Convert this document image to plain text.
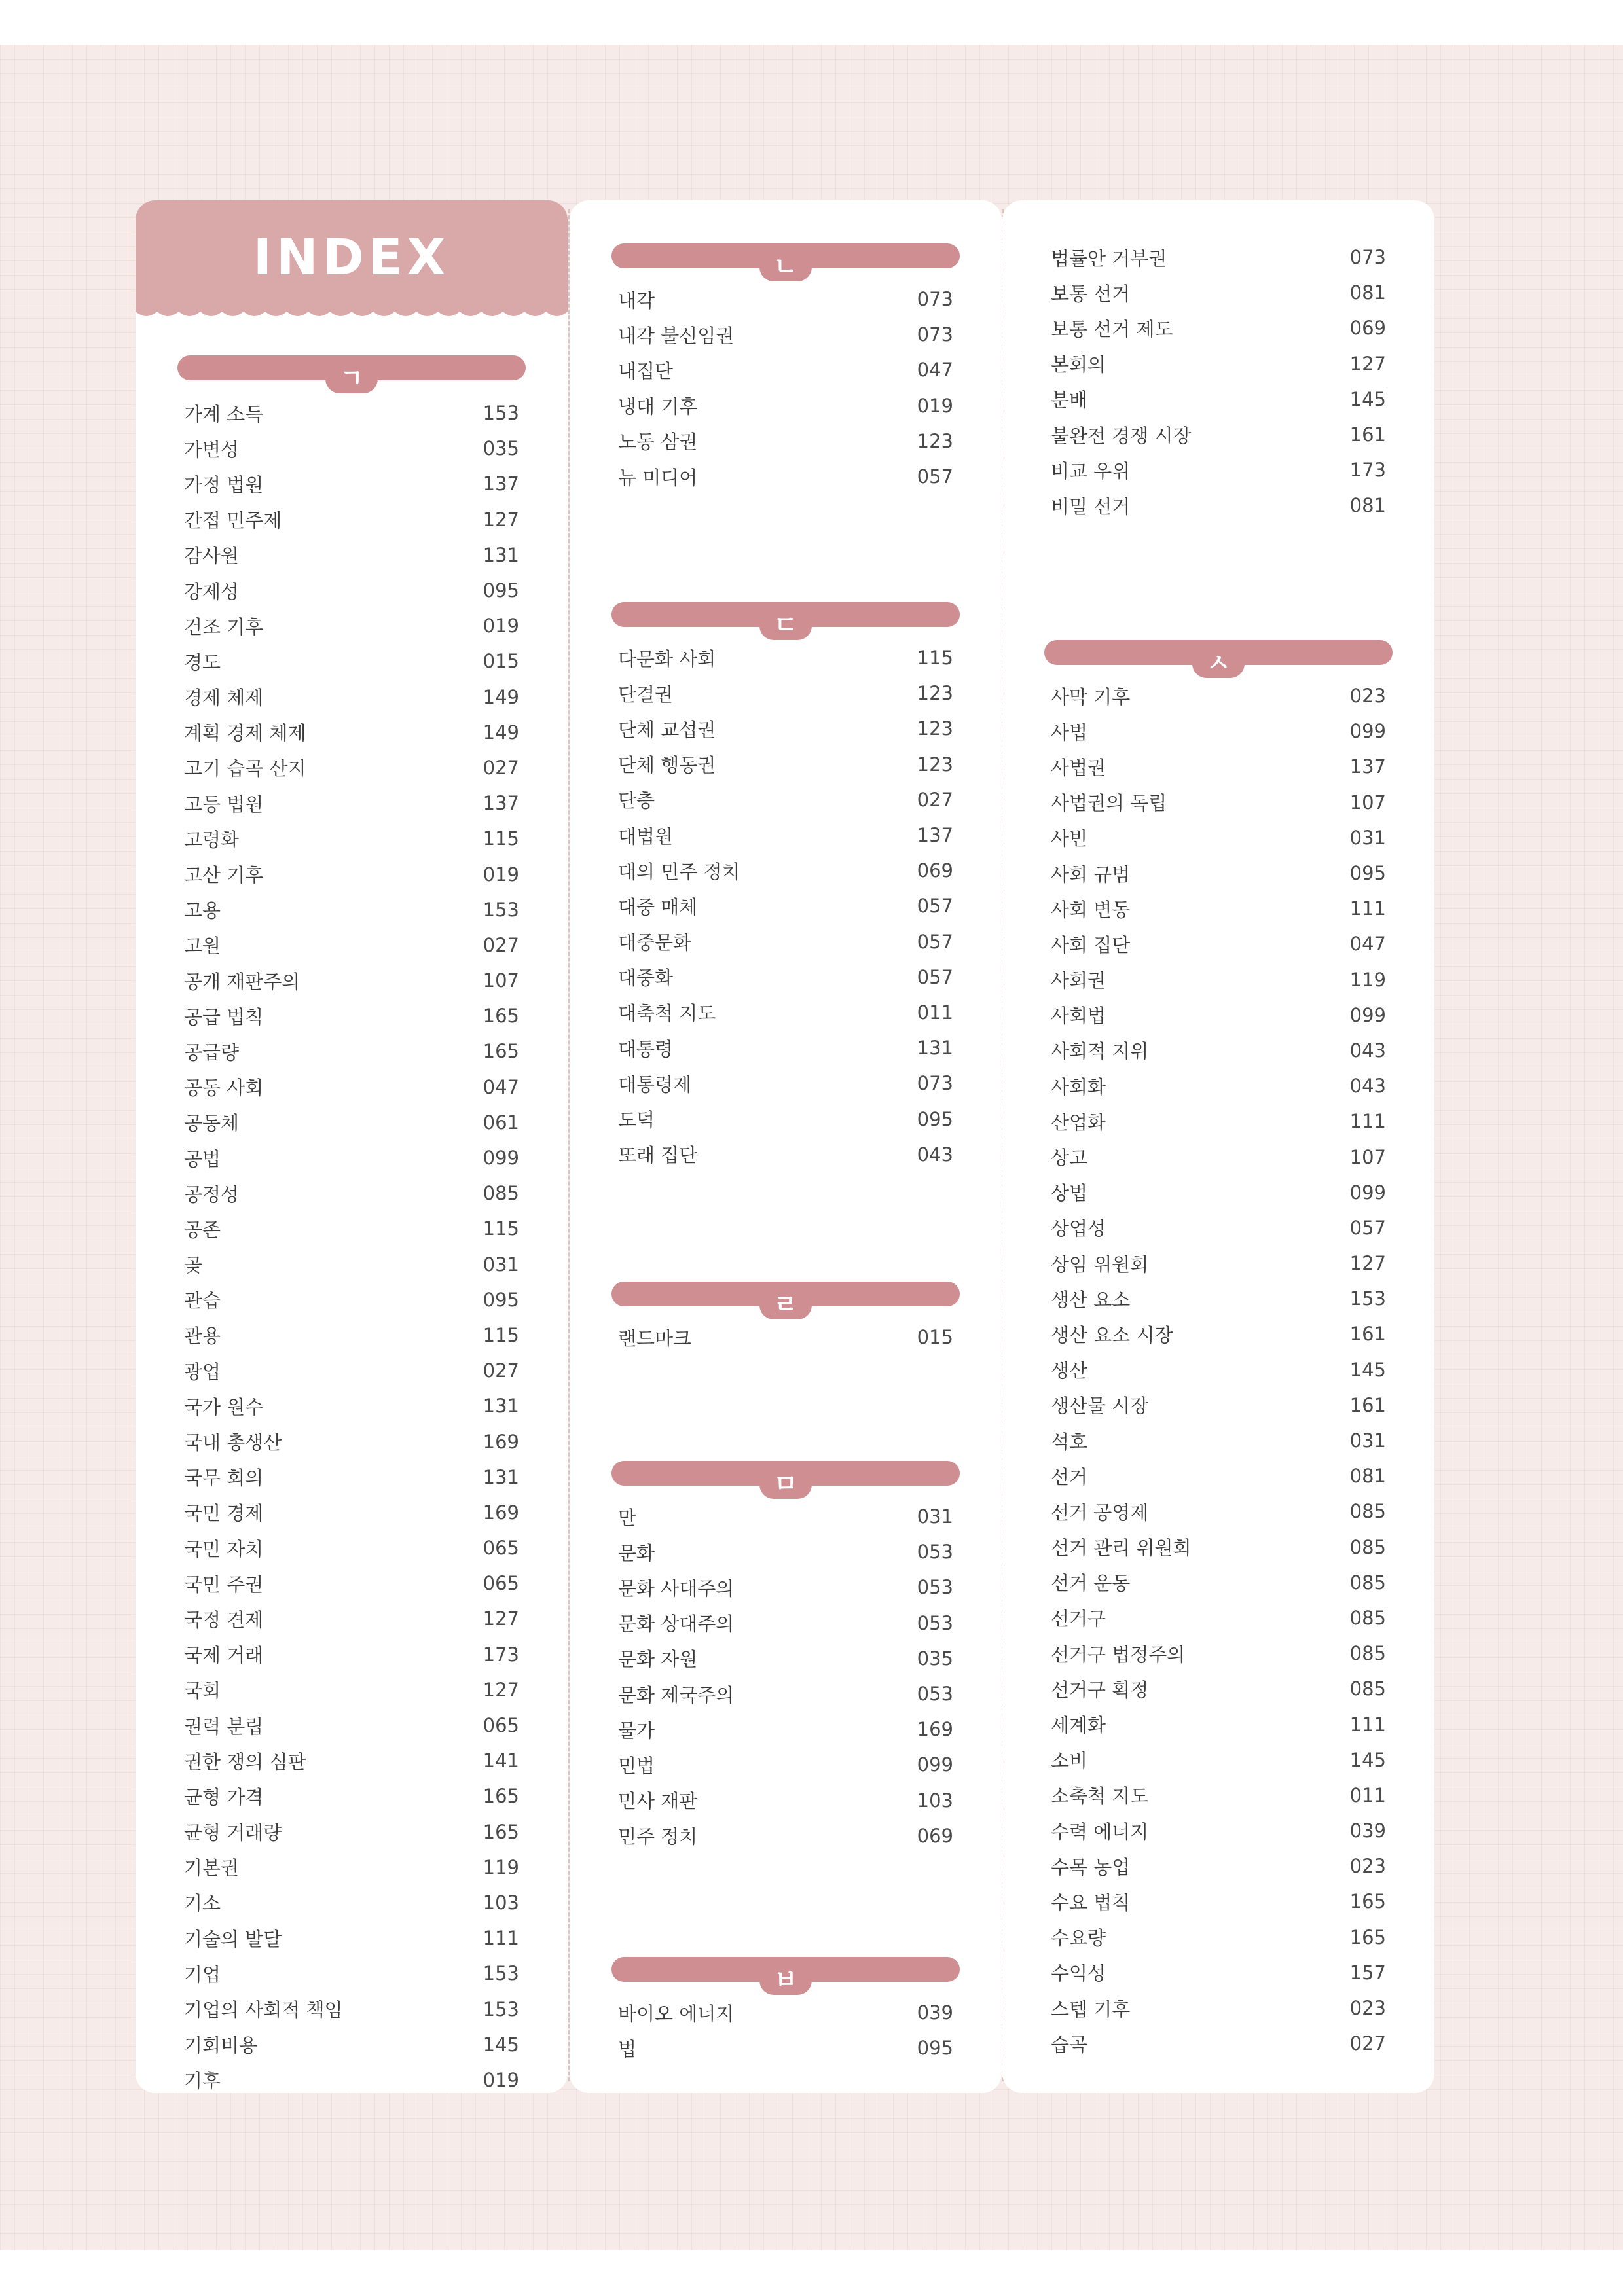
INDEX
ㄱ
가계 소득	153
가변성	035
가정 법원	137
간접 민주제	127
감사원	131
강제성	095
건조 기후	019
경도	015
경제 체제	149
계획 경제 체제	149
고기 습곡 산지	027
고등 법원	137
고령화	115
고산 기후	019
고용	153
고원	027
공개 재판주의	107
공급 법칙	165
공급량	165
공동 사회	047
공동체	061
공법	099
공정성	085
공존	115
곶	031
관습	095
관용	115
광업	027
국가 원수	131
국내 총생산	169
국무 회의	131
국민 경제	169
국민 자치	065
국민 주권	065
국정 견제	127
국제 거래	173
국회	127
권력 분립	065
권한 쟁의 심판	141
균형 가격	165
균형 거래량	165
기본권	119
기소	103
기술의 발달	111
기업	153
기업의 사회적 책임	153
기회비용	145
기후	019
ㄴ
내각	073
내각 불신임권	073
내집단	047
냉대 기후	019
노동 삼권	123
뉴 미디어	057
ㄷ
다문화 사회	115
단결권	123
단체 교섭권	123
단체 행동권	123
단층	027
대법원	137
대의 민주 정치	069
대중 매체	057
대중문화	057
대중화	057
대축척 지도	011
대통령	131
대통령제	073
도덕	095
또래 집단	043
ㄹ
랜드마크	015
ㅁ
만	031
문화	053
문화 사대주의	053
문화 상대주의	053
문화 자원	035
문화 제국주의	053
물가	169
민법	099
민사 재판	103
민주 정치	069
ㅂ
바이오 에너지	039
법	095
법률안 거부권	073
보통 선거	081
보통 선거 제도	069
본회의	127
분배	145
불완전 경쟁 시장	161
비교 우위	173
비밀 선거	081
ㅅ
사막 기후	023
사법	099
사법권	137
사법권의 독립	107
사빈	031
사회 규범	095
사회 변동	111
사회 집단	047
사회권	119
사회법	099
사회적 지위	043
사회화	043
산업화	111
상고	107
상법	099
상업성	057
상임 위원회	127
생산 요소	153
생산 요소 시장	161
생산	145
생산물 시장	161
석호	031
선거	081
선거 공영제	085
선거 관리 위원회	085
선거 운동	085
선거구	085
선거구 법정주의	085
선거구 획정	085
세계화	111
소비	145
소축척 지도	011
수력 에너지	039
수목 농업	023
수요 법칙	165
수요량	165
수익성	157
스텝 기후	023
습곡	027
